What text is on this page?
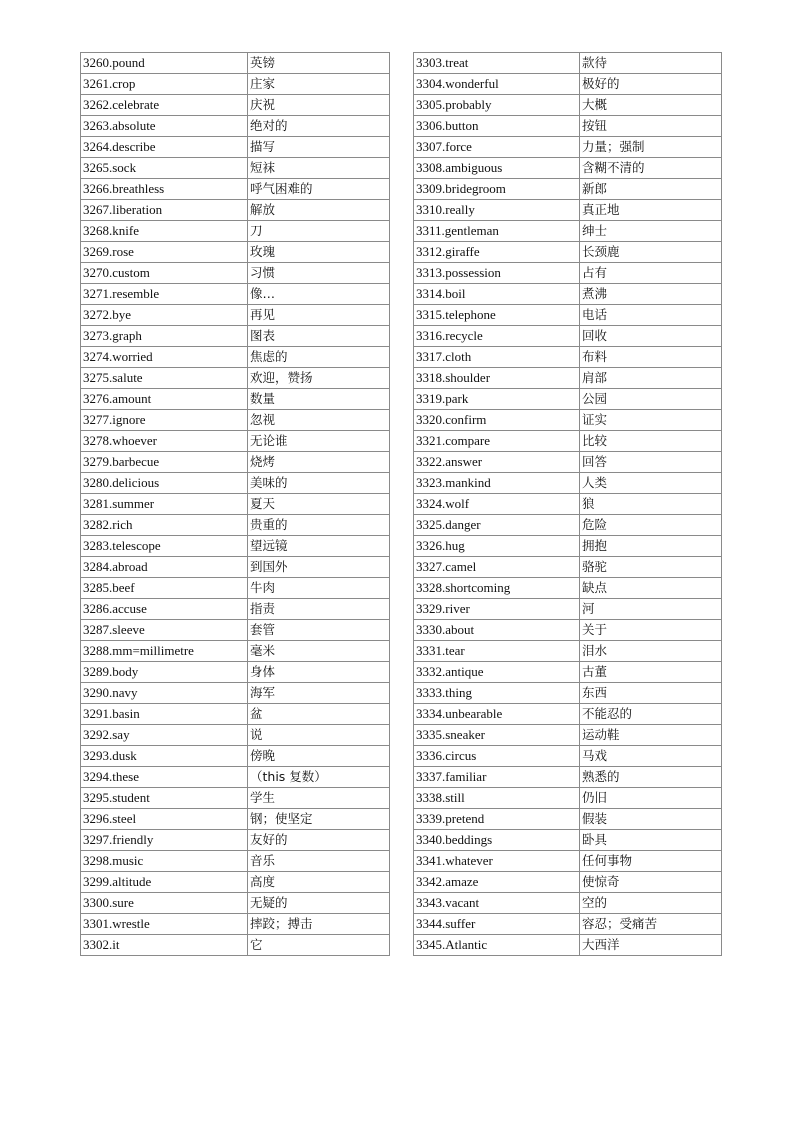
3260.pound	英镑
3261.crop	庄家
3262.celebrate	庆祝
3263.absolute	绝对的
3264.describe	描写
3265.sock	短袜
3266.breathless	呼气困难的
3267.liberation	解放
3268.knife	刀
3269.rose	玫瑰
3270.custom	习惯
3271.resemble	像…
3272.bye	再见
3273.graph	图表
3274.worried	焦虑的
3275.salute	欢迎，赞扬
3276.amount	数量
3277.ignore	忽视
3278.whoever	无论谁
3279.barbecue	烧烤
3280.delicious	美味的
3281.summer	夏天
3282.rich	贵重的
3283.telescope	望远镜
3284.abroad	到国外
3285.beef	牛肉
3286.accuse	指责
3287.sleeve	套管
3288.mm=millimetre	毫米
3289.body	身体
3290.navy	海军
3291.basin	盆
3292.say	说
3293.dusk	傍晚
3294.these	（this 复数）
3295.student	学生
3296.steel	钢；使坚定
3297.friendly	友好的
3298.music	音乐
3299.altitude	高度
3300.sure	无疑的
3301.wrestle	摔跤；搏击
3302.it	它
3303.treat	款待
3304.wonderful	极好的
3305.probably	大概
3306.button	按钮
3307.force	力量；强制
3308.ambiguous	含糊不清的
3309.bridegroom	新郎
3310.really	真正地
3311.gentleman	绅士
3312.giraffe	长颈鹿
3313.possession	占有
3314.boil	煮沸
3315.telephone	电话
3316.recycle	回收
3317.cloth	布料
3318.shoulder	肩部
3319.park	公园
3320.confirm	证实
3321.compare	比较
3322.answer	回答
3323.mankind	人类
3324.wolf	狼
3325.danger	危险
3326.hug	拥抱
3327.camel	骆驼
3328.shortcoming	缺点
3329.river	河
3330.about	关于
3331.tear	泪水
3332.antique	古董
3333.thing	东西
3334.unbearable	不能忍的
3335.sneaker	运动鞋
3336.circus	马戏
3337.familiar	熟悉的
3338.still	仍旧
3339.pretend	假装
3340.beddings	卧具
3341.whatever	任何事物
3342.amaze	使惊奇
3343.vacant	空的
3344.suffer	容忍；受痛苦
3345.Atlantic	大西洋
